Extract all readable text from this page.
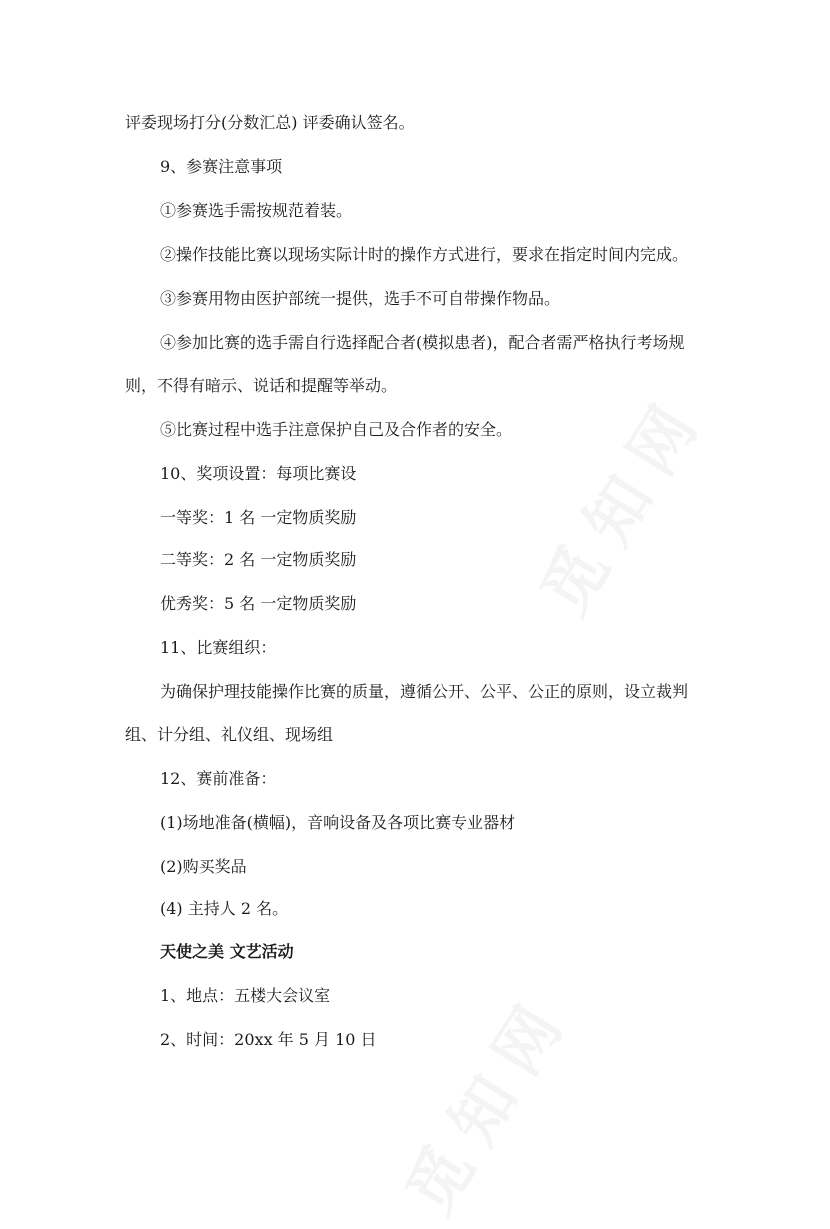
评委现场打分(分数汇总) 评委确认签名。
9、参赛注意事项
①参赛选手需按规范着装。
②操作技能比赛以现场实际计时的操作方式进行，要求在指定时间内完成。
③参赛用物由医护部统一提供，选手不可自带操作物品。
④参加比赛的选手需自行选择配合者(模拟患者)，配合者需严格执行考场规
则，不得有暗示、说话和提醒等举动。
⑤比赛过程中选手注意保护自己及合作者的安全。
10、奖项设置：每项比赛设
一等奖：1 名 一定物质奖励
二等奖：2 名 一定物质奖励
优秀奖：5 名 一定物质奖励
11、比赛组织：
为确保护理技能操作比赛的质量，遵循公开、公平、公正的原则，设立裁判
组、计分组、礼仪组、现场组
12、赛前准备：
(1)场地准备(横幅)，音响设备及各项比赛专业器材
(2)购买奖品
(4) 主持人 2 名。
天使之美 文艺活动
1、地点：五楼大会议室
2、时间：20xx 年 5 月 10 日
